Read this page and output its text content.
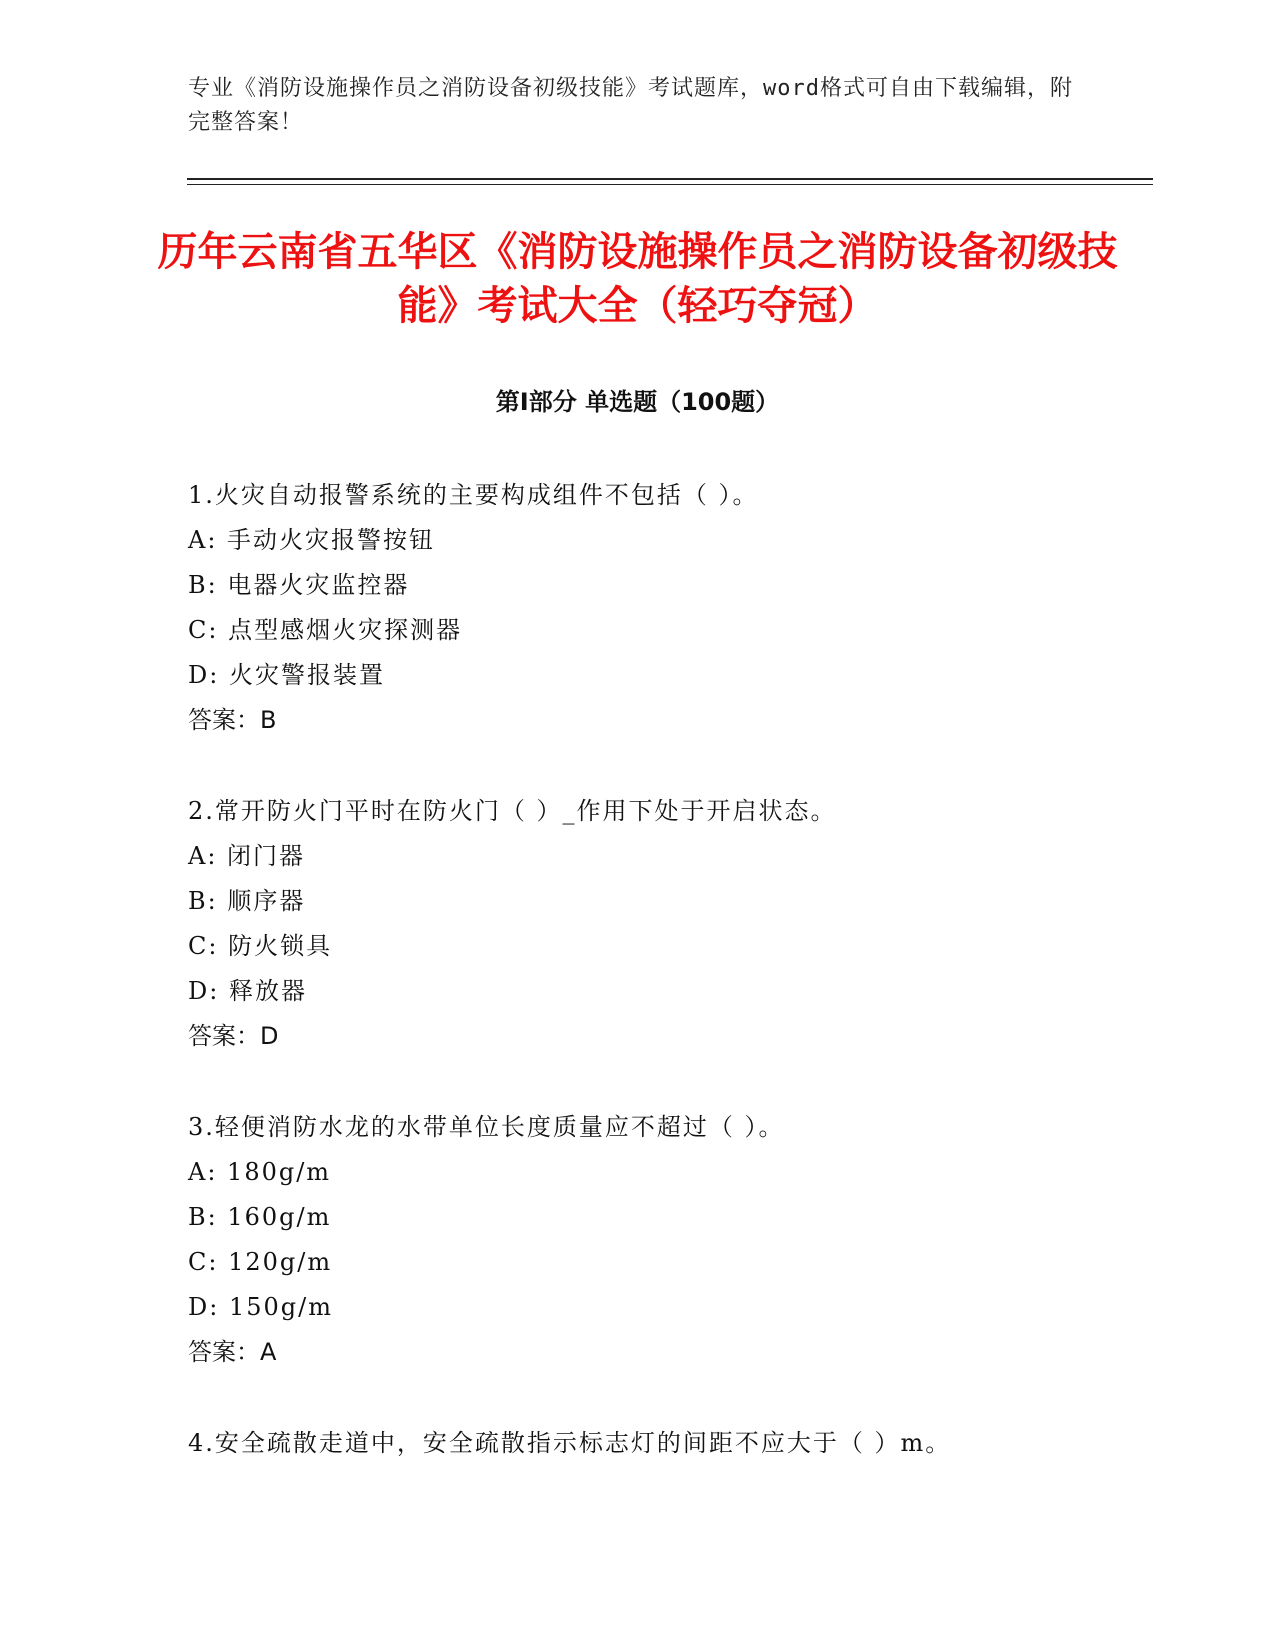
专业《消防设施操作员之消防设备初级技能》考试题库，word格式可自由下载编辑，附完整答案！
历年云南省五华区《消防设施操作员之消防设备初级技能》考试大全（轻巧夺冠）
第Ⅰ部分 单选题（100题）
1.火灾自动报警系统的主要构成组件不包括（ ）。
A: 手动火灾报警按钮
B: 电器火灾监控器
C: 点型感烟火灾探测器
D: 火灾警报装置
答案：B
2.常开防火门平时在防火门（ ）_作用下处于开启状态。
A: 闭门器
B: 顺序器
C: 防火锁具
D: 释放器
答案：D
3.轻便消防水龙的水带单位长度质量应不超过（ ）。
A: 180g/m
B: 160g/m
C: 120g/m
D: 150g/m
答案：A
4.安全疏散走道中，安全疏散指示标志灯的间距不应大于（ ）m。
